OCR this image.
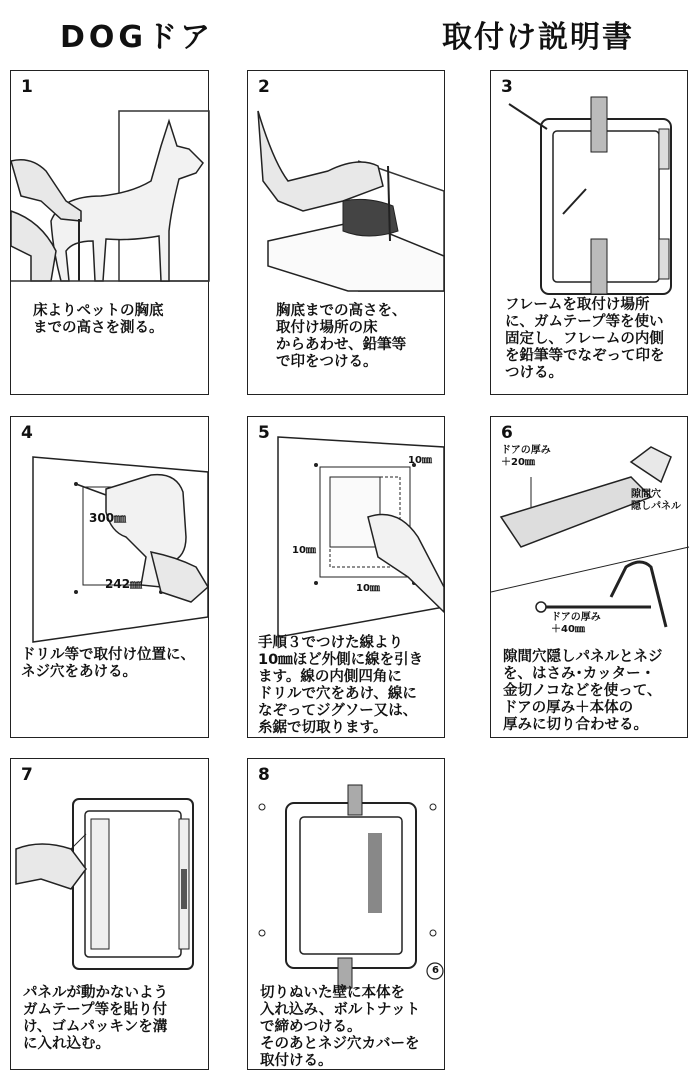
DOGドア	取付け説明書
1
床よりペットの胸底
までの高さを測る。
2
胸底までの高さを、
取付け場所の床
からあわせ、鉛筆等
で印をつける。
3
フレームを取付け場所
に、ガムテープ等を使い
固定し、フレームの内側
を鉛筆等でなぞって印を
つける。
4
300㎜
242㎜
ドリル等で取付け位置に、
ネジ穴をあける。
5
10㎜
10㎜
10㎜
手順３でつけた線より
10㎜ほど外側に線を引き
ます。線の内側四角に
ドリルで穴をあけ、線に
なぞってジグソー又は、
糸鋸で切取ります。
6
ドアの厚み
＋20㎜
隙間穴
隠しパネル
ドアの厚み
＋40㎜
隙間穴隠しパネルとネジ
を、はさみ･カッター・
金切ノコなどを使って、
ドアの厚み＋本体の
厚みに切り合わせる。
7
パネルが動かないよう
ガムテープ等を貼り付
け、ゴムパッキンを溝
に入れ込む。
8
6
切りぬいた壁に本体を
入れ込み、ボルトナット
で締めつける。
そのあとネジ穴カバーを
取付ける。
